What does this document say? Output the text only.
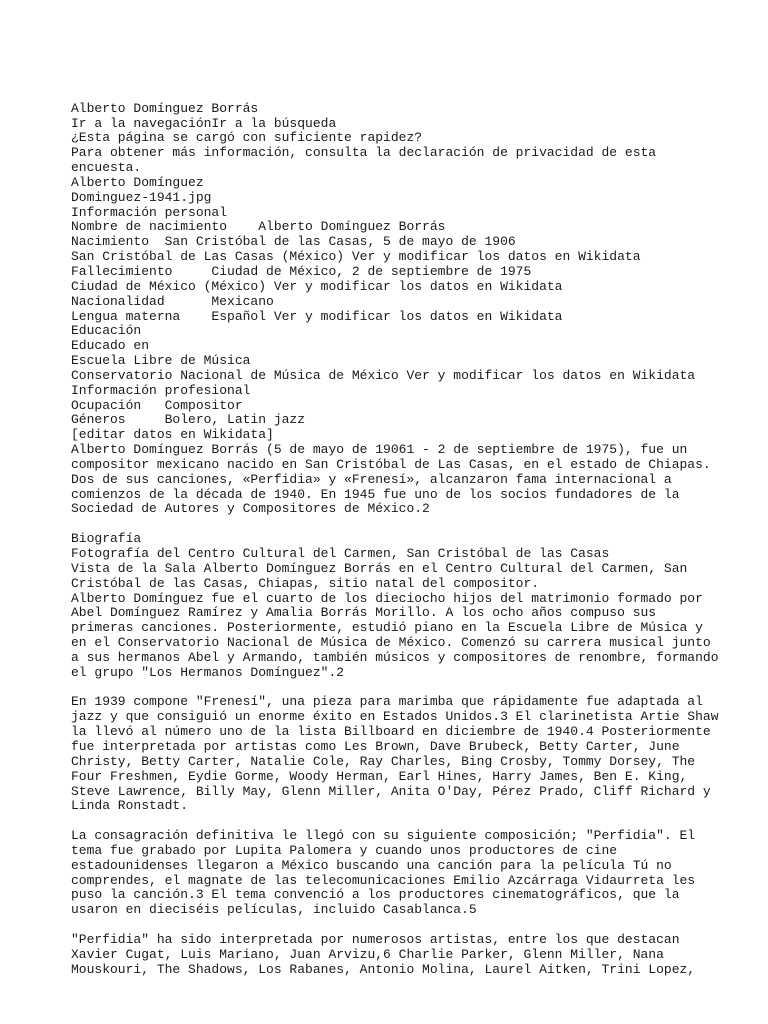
Alberto Domínguez Borrás
Ir a la navegaciónIr a la búsqueda
¿Esta página se cargó con suficiente rapidez?
Para obtener más información, consulta la declaración de privacidad de esta
encuesta.
Alberto Domínguez
Dominguez-1941.jpg
Información personal
Nombre de nacimiento    Alberto Domínguez Borrás
Nacimiento  San Cristóbal de las Casas, 5 de mayo de 1906
San Cristóbal de Las Casas (México) Ver y modificar los datos en Wikidata
Fallecimiento     Ciudad de México, 2 de septiembre de 1975
Ciudad de México (México) Ver y modificar los datos en Wikidata
Nacionalidad      Mexicano
Lengua materna    Español Ver y modificar los datos en Wikidata
Educación
Educado en
Escuela Libre de Música
Conservatorio Nacional de Música de México Ver y modificar los datos en Wikidata
Información profesional
Ocupación   Compositor
Géneros     Bolero, Latin jazz
[editar datos en Wikidata]
Alberto Domínguez Borrás (5 de mayo de 19061 - 2 de septiembre de 1975), fue un
compositor mexicano nacido en San Cristóbal de Las Casas, en el estado de Chiapas.
Dos de sus canciones, «Perfidia» y «Frenesí», alcanzaron fama internacional a
comienzos de la década de 1940. En 1945 fue uno de los socios fundadores de la
Sociedad de Autores y Compositores de México.2
Biografía
Fotografía del Centro Cultural del Carmen, San Cristóbal de las Casas
Vista de la Sala Alberto Domínguez Borrás en el Centro Cultural del Carmen, San
Cristóbal de las Casas, Chiapas, sitio natal del compositor.
Alberto Domínguez fue el cuarto de los dieciocho hijos del matrimonio formado por
Abel Domínguez Ramírez y Amalia Borrás Morillo. A los ocho años compuso sus
primeras canciones. Posteriormente, estudió piano en la Escuela Libre de Música y
en el Conservatorio Nacional de Música de México. Comenzó su carrera musical junto
a sus hermanos Abel y Armando, también músicos y compositores de renombre, formando
el grupo "Los Hermanos Domínguez".2
En 1939 compone "Frenesí", una pieza para marimba que rápidamente fue adaptada al
jazz y que consiguió un enorme éxito en Estados Unidos.3 El clarinetista Artie Shaw
la llevó al número uno de la lista Billboard en diciembre de 1940.4 Posteriormente
fue interpretada por artistas como Les Brown, Dave Brubeck, Betty Carter, June
Christy, Betty Carter, Natalie Cole, Ray Charles, Bing Crosby, Tommy Dorsey, The
Four Freshmen, Eydie Gorme, Woody Herman, Earl Hines, Harry James, Ben E. King,
Steve Lawrence, Billy May, Glenn Miller, Anita O'Day, Pérez Prado, Cliff Richard y
Linda Ronstadt.
La consagración definitiva le llegó con su siguiente composición; "Perfidia". El
tema fue grabado por Lupita Palomera y cuando unos productores de cine
estadounidenses llegaron a México buscando una canción para la película Tú no
comprendes, el magnate de las telecomunicaciones Emilio Azcárraga Vidaurreta les
puso la canción.3 El tema convenció a los productores cinematográficos, que la
usaron en dieciséis películas, incluido Casablanca.5
"Perfidia" ha sido interpretada por numerosos artistas, entre los que destacan
Xavier Cugat, Luis Mariano, Juan Arvizu,6 Charlie Parker, Glenn Miller, Nana
Mouskouri, The Shadows, Los Rabanes, Antonio Molina, Laurel Aitken, Trini Lopez,
